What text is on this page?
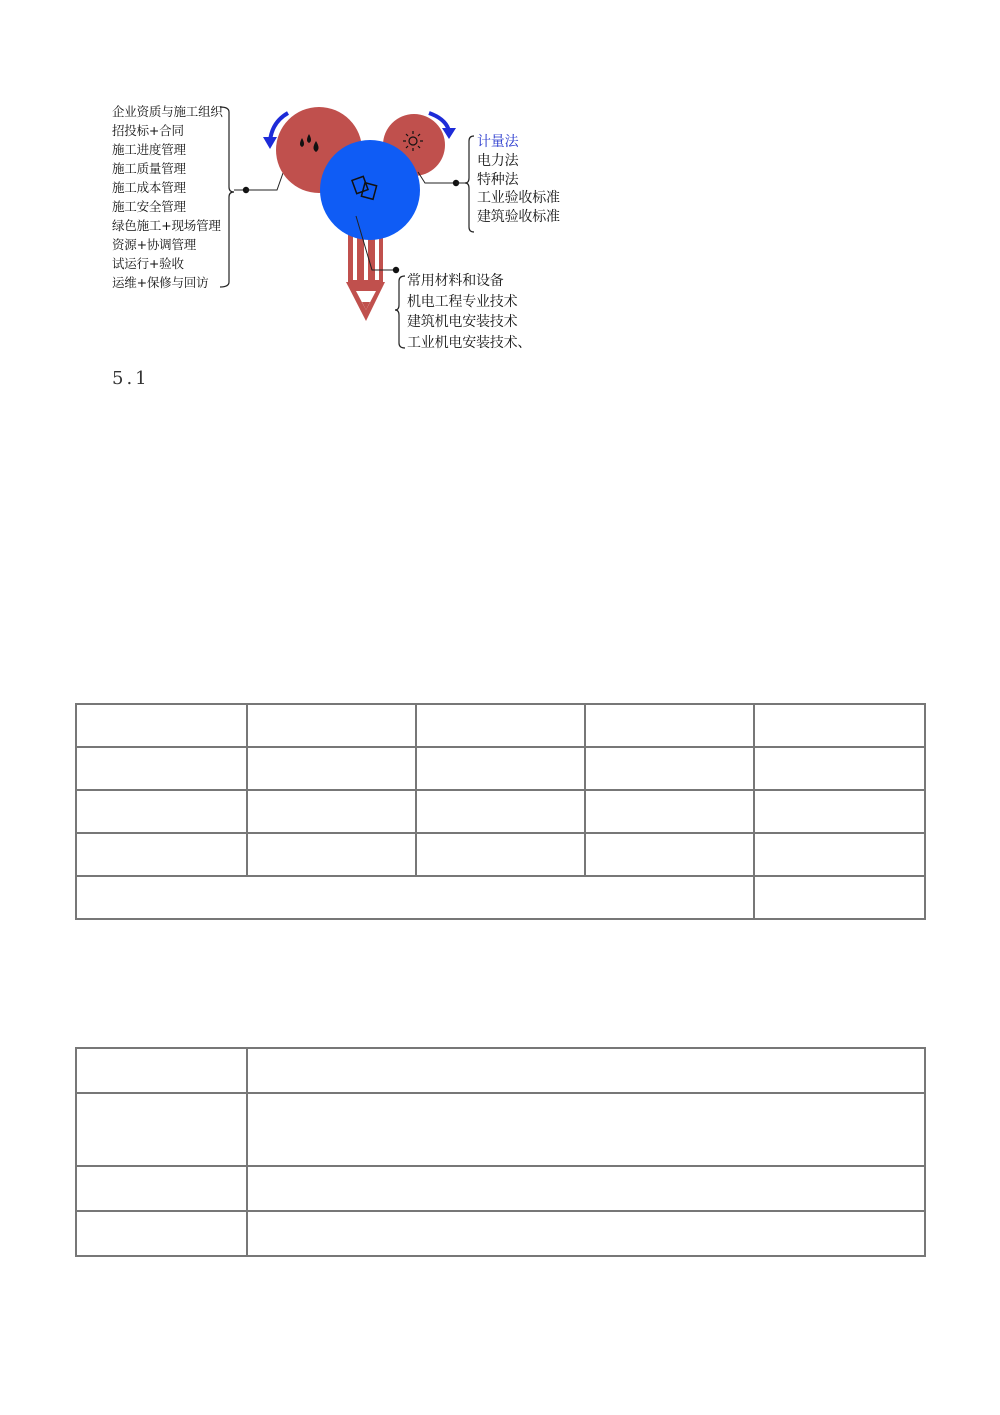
企业资质与施工组织
招投标+合同
施工进度管理
施工质量管理
施工成本管理
施工安全管理
绿色施工+现场管理
资源+协调管理
试运行+验收
运维+保修与回访
计量法
电力法
特种法
工业验收标准
建筑验收标准
常用材料和设备
机电工程专业技术
建筑机电安装技术
工业机电安装技术、
5.1
